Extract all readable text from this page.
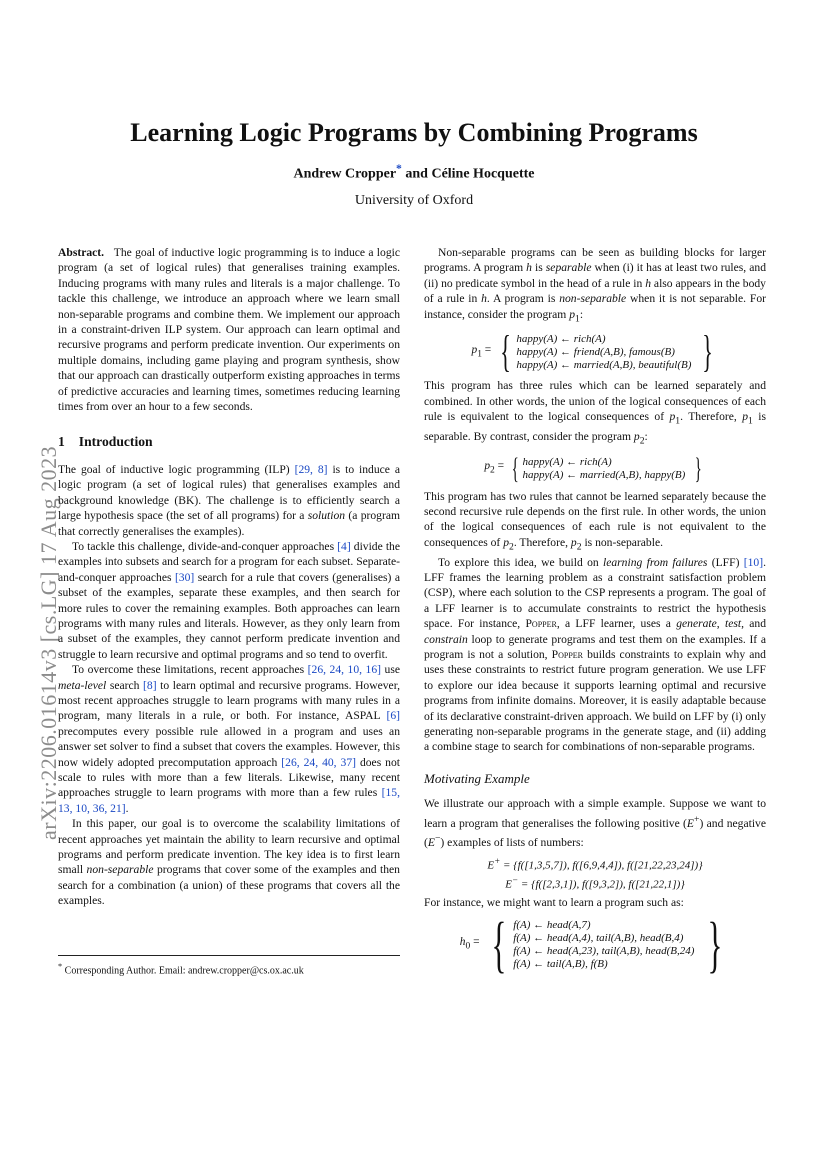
arXiv:2206.01614v3 [cs.LG] 17 Aug 2023
Learning Logic Programs by Combining Programs
Andrew Cropper* and Céline Hocquette
University of Oxford

Abstract. The goal of inductive logic programming is to induce a logic program (a set of logical rules) that generalises training examples. Inducing programs with many rules and literals is a major challenge. To tackle this challenge, we introduce an approach where we learn small non-separable programs and combine them. We implement our approach in a constraint-driven ILP system. Our approach can learn optimal and recursive programs and perform predicate invention. Our experiments on multiple domains, including game playing and program synthesis, show that our approach can drastically outperform existing approaches in terms of predictive accuracies and learning times, sometimes reducing learning times from over an hour to a few seconds.

1 Introduction

The goal of inductive logic programming (ILP) [29, 8] is to induce a logic program (a set of logical rules) that generalises examples and background knowledge (BK). The challenge is to efficiently search a large hypothesis space (the set of all programs) for a solution (a program that correctly generalises the examples).

To tackle this challenge, divide-and-conquer approaches [4] divide the examples into subsets and search for a program for each subset. Separate-and-conquer approaches [30] search for a rule that covers (generalises) a subset of the examples, separate these examples, and then search for more rules to cover the remaining examples. Both approaches can learn programs with many rules and literals. However, as they only learn from a subset of the examples, they cannot perform predicate invention and struggle to learn recursive and optimal programs and so tend to overfit.

To overcome these limitations, recent approaches [26, 24, 10, 16] use meta-level search [8] to learn optimal and recursive programs. However, most recent approaches struggle to learn programs with many rules in a program, many literals in a rule, or both. For instance, ASPAL [6] precomputes every possible rule allowed in a program and uses an answer set solver to find a subset that covers the examples. However, this now widely adopted precomputation approach [26, 24, 40, 37] does not scale to rules with more than a few literals. Likewise, many recent approaches struggle to learn programs with more than a few rules [15, 13, 10, 36, 21].

In this paper, our goal is to overcome the scalability limitations of recent approaches yet maintain the ability to learn recursive and optimal programs and perform predicate invention. The key idea is to first learn small non-separable programs that cover some of the examples and then search for a combination (a union) of these programs that covers all the examples.

* Corresponding Author. Email: andrew.cropper@cs.ox.ac.uk

Non-separable programs can be seen as building blocks for larger programs. A program h is separable when (i) it has at least two rules, and (ii) no predicate symbol in the head of a rule in h also appears in the body of a rule in h. A program is non-separable when it is not separable. For instance, consider the program $p_1$:

$p_1$ = { happy(A) ← rich(A)
happy(A) ← friend(A,B), famous(B)
happy(A) ← married(A,B), beautiful(B) }

This program has three rules which can be learned separately and combined. In other words, the union of the logical consequences of each rule is equivalent to the logical consequences of $p_1$. Therefore, $p_1$ is separable. By contrast, consider the program $p_2$:

$p_2$ = { happy(A) ← rich(A)
happy(A) ← married(A,B), happy(B) }

This program has two rules that cannot be learned separately because the second recursive rule depends on the first rule. In other words, the union of the logical consequences of each rule is not equivalent to the consequences of $p_2$. Therefore, $p_2$ is non-separable.

To explore this idea, we build on learning from failures (LFF) [10]. LFF frames the learning problem as a constraint satisfaction problem (CSP), where each solution to the CSP represents a program. The goal of a LFF learner is to accumulate constraints to restrict the hypothesis space. For instance, Popper, a LFF learner, uses a generate, test, and constrain loop to generate programs and test them on the examples. If a program is not a solution, Popper builds constraints to explain why and uses these constraints to restrict future program generation. We use LFF to explore our idea because it supports learning optimal and recursive programs from infinite domains. Moreover, it is easily adaptable because of its declarative constraint-driven approach. We build on LFF by (i) only generating non-separable programs in the generate stage, and (ii) adding a combine stage to search for combinations of non-separable programs.

Motivating Example

We illustrate our approach with a simple example. Suppose we want to learn a program that generalises the following positive (E+) and negative (E−) examples of lists of numbers:

E+ = {f([1,3,5,7]), f([6,9,4,4]), f([21,22,23,24])}
E− = {f([2,3,1]), f([9,3,2]), f([21,22,1])}

For instance, we might want to learn a program such as:

$h_0$ = { f(A) ← head(A,7)
f(A) ← head(A,4), tail(A,B), head(B,4)
f(A) ← head(A,23), tail(A,B), head(B,24)
f(A) ← tail(A,B), f(B)	}
